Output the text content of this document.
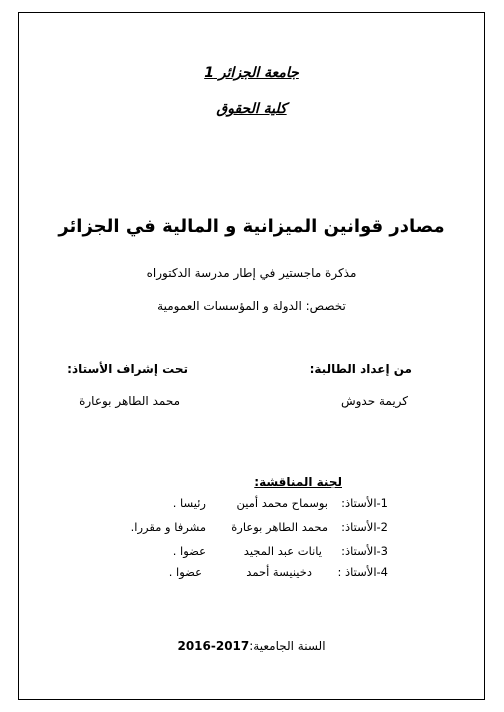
جامعة الجزائر 1
كلية الحقوق
مصادر قوانين الميزانية و المالية في الجزائر
مذكرة ماجستير في إطار مدرسة الدكتوراه
تخصص: الدولة و المؤسسات العمومية
من إعداد الطالبة:
كريمة حدوش
تحت إشراف الأستاذ:
محمد الطاهر بوعارة
لجنة المناقشة:
1-الأستاذ:
بوسماح محمد أمين
رئيسا .
2-الأستاذ:
محمد الطاهر بوعارة
مشرفا و مقررا.
3-الأستاذ:
يانات عبد المجيد
عضوا .
4-الأستاذ :
دخينيسة أحمد
عضوا .
السنة الجامعية:2016-2017
